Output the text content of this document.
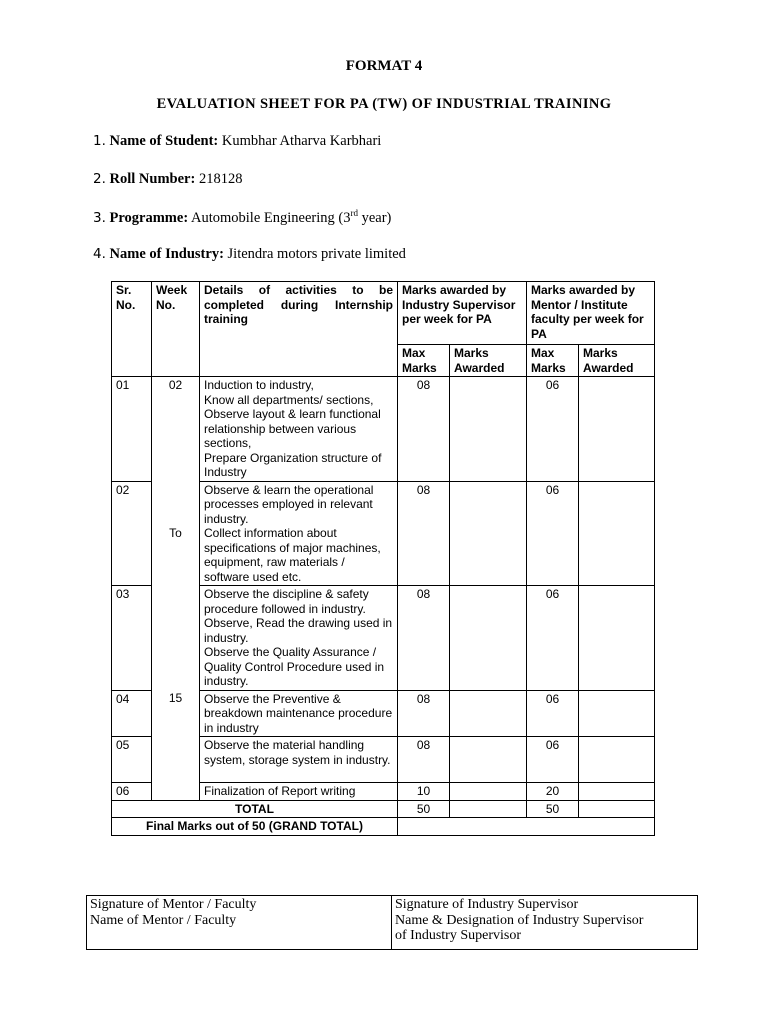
FORMAT 4
EVALUATION SHEET FOR PA (TW) OF INDUSTRIAL TRAINING
1. Name of Student: Kumbhar Atharva Karbhari
2. Roll Number: 218128
3. Programme: Automobile Engineering (3rd year)
4. Name of Industry: Jitendra motors private limited
Sr. No.	Week No.	Details of activities to be completed during Internship training	Marks awarded by Industry Supervisor per week for PA		Marks awarded by Mentor / Institute faculty per week for PA	
			Max Marks	Marks Awarded	Max Marks	Marks Awarded
01	02	Induction to industry,
Know all departments/ sections,
Observe layout & learn functional relationship between various sections,
Prepare Organization structure of Industry	08		06	
02	To	Observe & learn the operational processes employed in relevant industry.
Collect information about specifications of major machines, equipment, raw materials / software used etc.	08		06	
03		Observe the discipline & safety procedure followed in industry.
Observe, Read the drawing used in industry.
Observe the Quality Assurance / Quality Control Procedure used in industry.	08		06	
04	15	Observe the Preventive & breakdown maintenance procedure in industry	08		06	
05		Observe the material handling system, storage system in industry.	08		06	
06		Finalization of Report writing	10		20	
TOTAL			50		50	
Final Marks out of 50 (GRAND TOTAL)						
Signature of Mentor / Faculty
Name of Mentor / Faculty

Signature of Industry Supervisor
Name & Designation of Industry Supervisor
of Industry Supervisor
